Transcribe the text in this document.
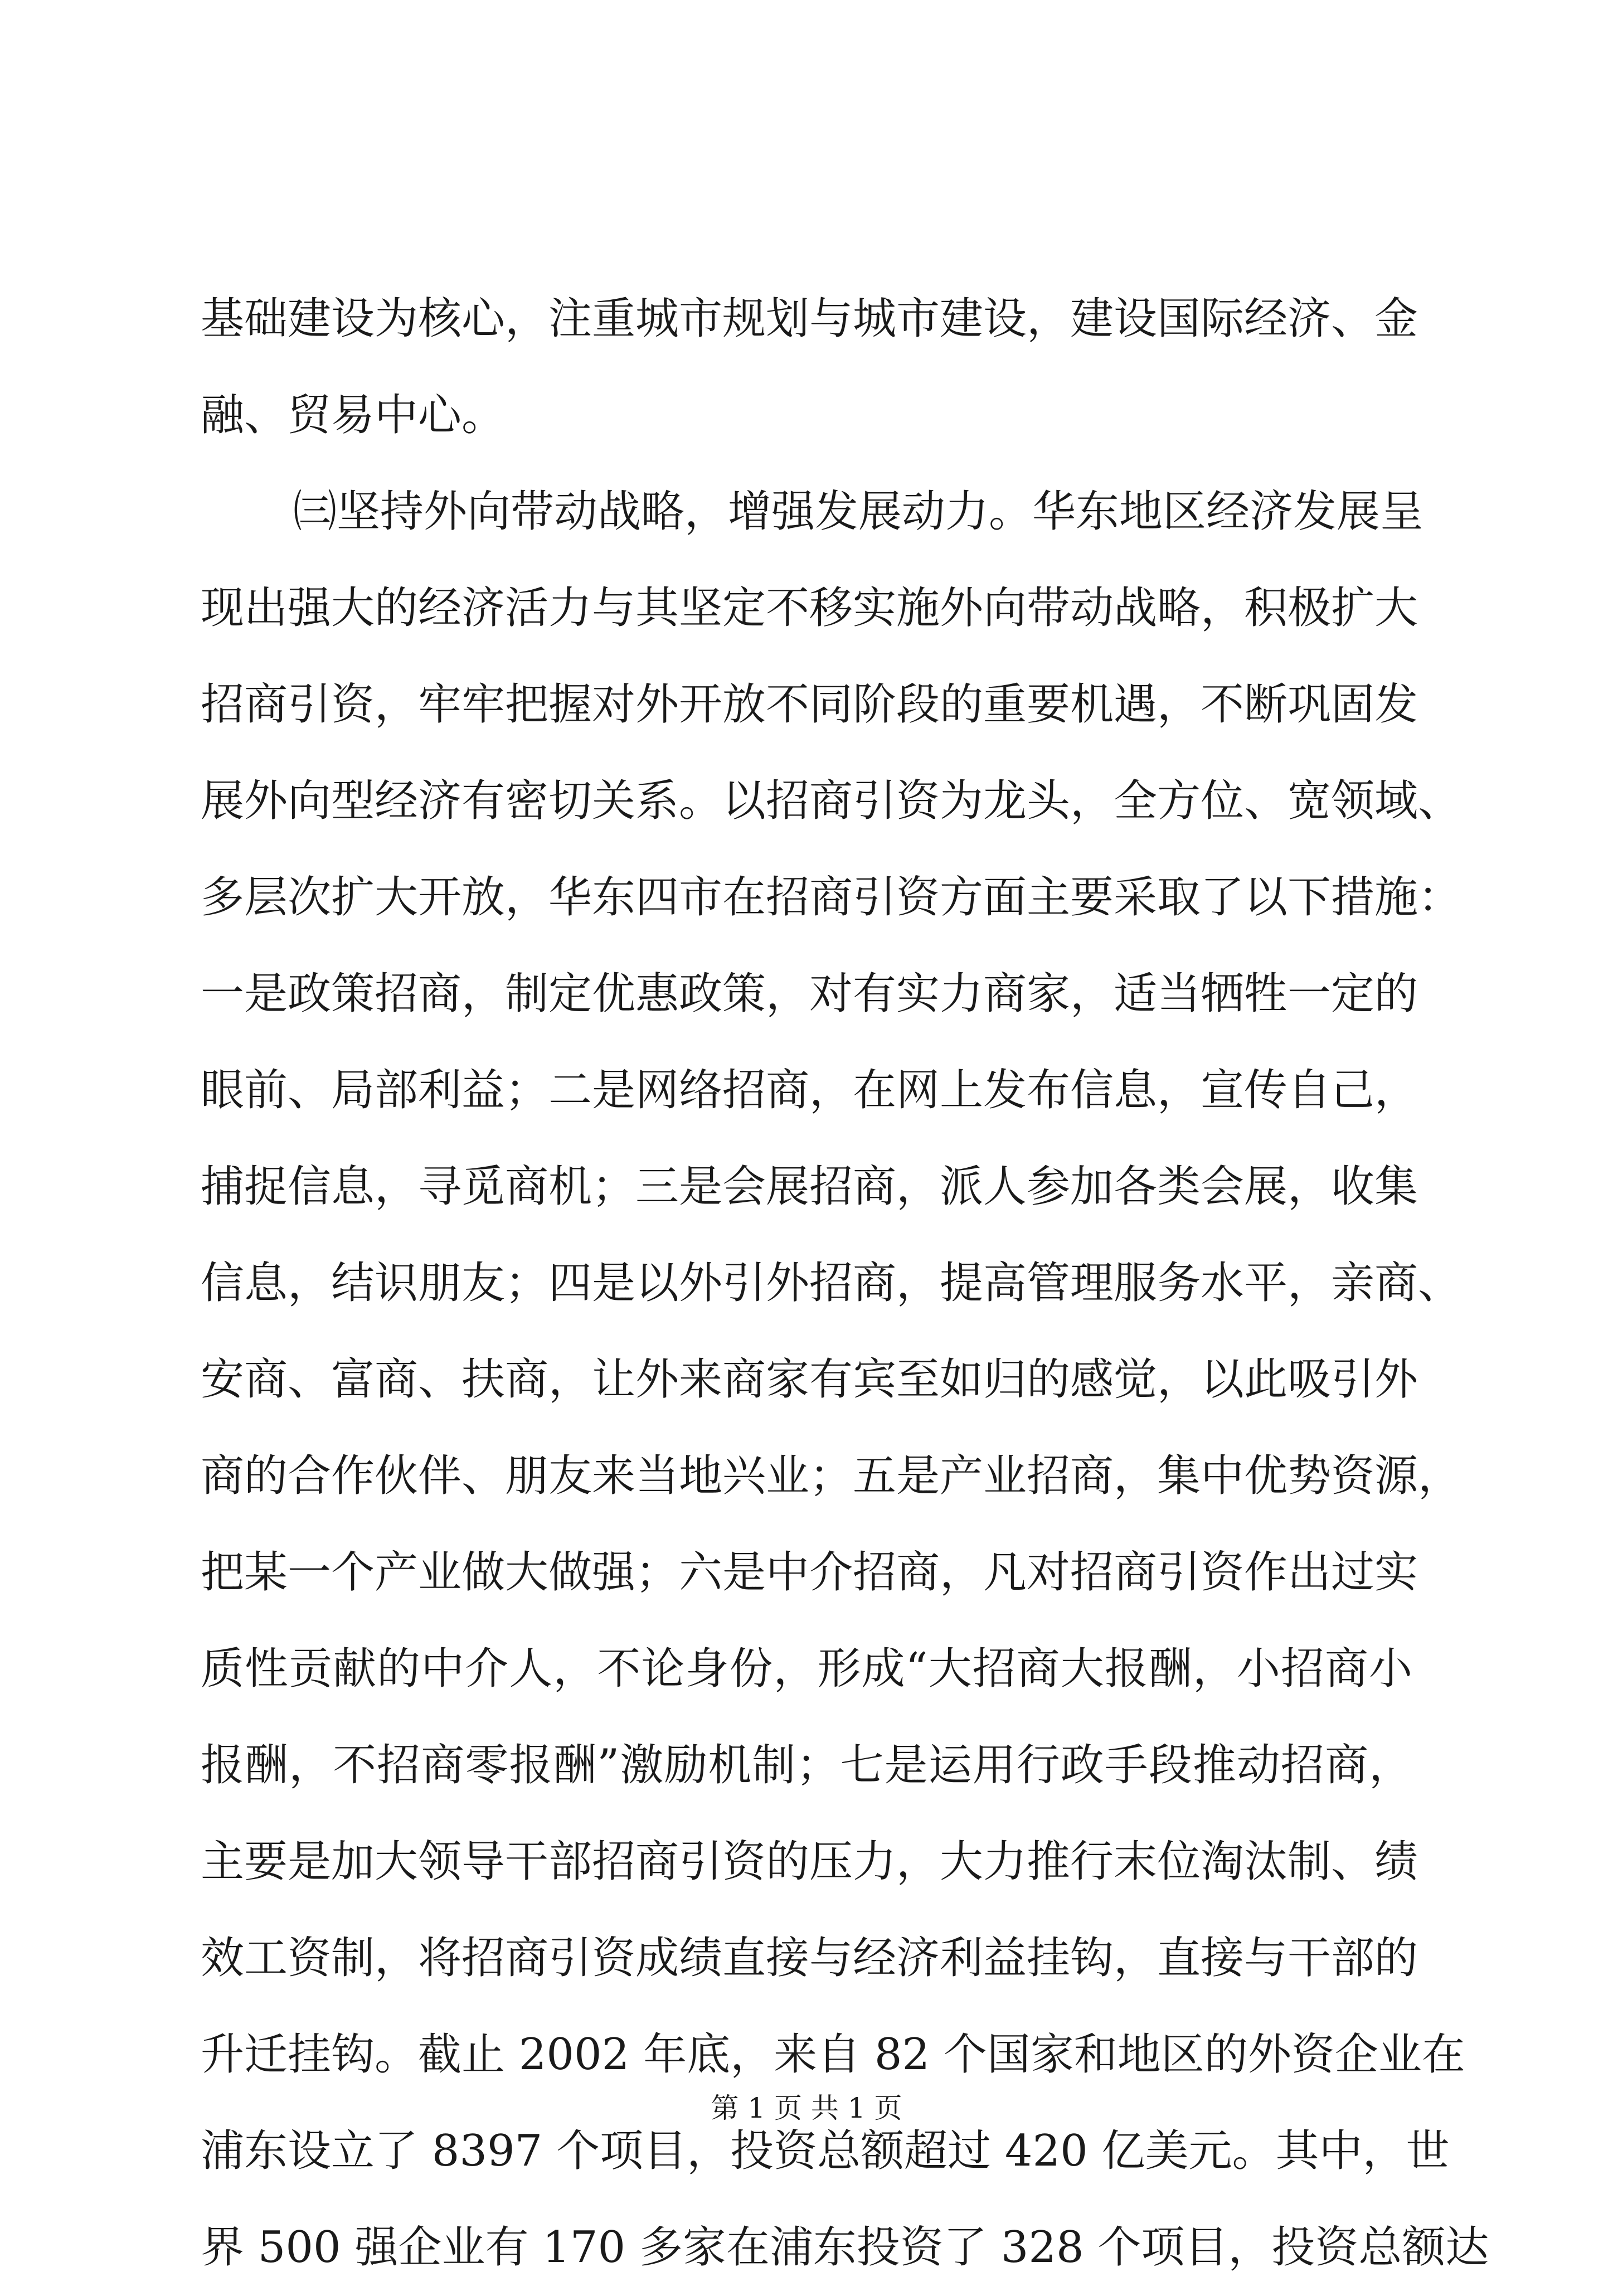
基础建设为核心，注重城市规划与城市建设，建设国际经济、金
融、贸易中心。
㈢坚持外向带动战略，增强发展动力。华东地区经济发展呈
现出强大的经济活力与其坚定不移实施外向带动战略，积极扩大
招商引资，牢牢把握对外开放不同阶段的重要机遇，不断巩固发
展外向型经济有密切关系。以招商引资为龙头，全方位、宽领域、
多层次扩大开放，华东四市在招商引资方面主要采取了以下措施：
一是政策招商，制定优惠政策，对有实力商家，适当牺牲一定的
眼前、局部利益；二是网络招商，在网上发布信息，宣传自己，
捕捉信息，寻觅商机；三是会展招商，派人参加各类会展，收集
信息，结识朋友；四是以外引外招商，提高管理服务水平，亲商、
安商、富商、扶商，让外来商家有宾至如归的感觉，以此吸引外
商的合作伙伴、朋友来当地兴业；五是产业招商，集中优势资源，
把某一个产业做大做强；六是中介招商，凡对招商引资作出过实
质性贡献的中介人，不论身份，形成“大招商大报酬，小招商小
报酬，不招商零报酬”激励机制；七是运用行政手段推动招商，
主要是加大领导干部招商引资的压力，大力推行末位淘汰制、绩
效工资制，将招商引资成绩直接与经济利益挂钩，直接与干部的
升迁挂钩。截止 2002 年底，来自 82 个国家和地区的外资企业在
浦东设立了 8397 个项目，投资总额超过 420 亿美元。其中，世
界 500 强企业有 170 多家在浦东投资了 328 个项目，投资总额达
第 1 页 共 1 页
